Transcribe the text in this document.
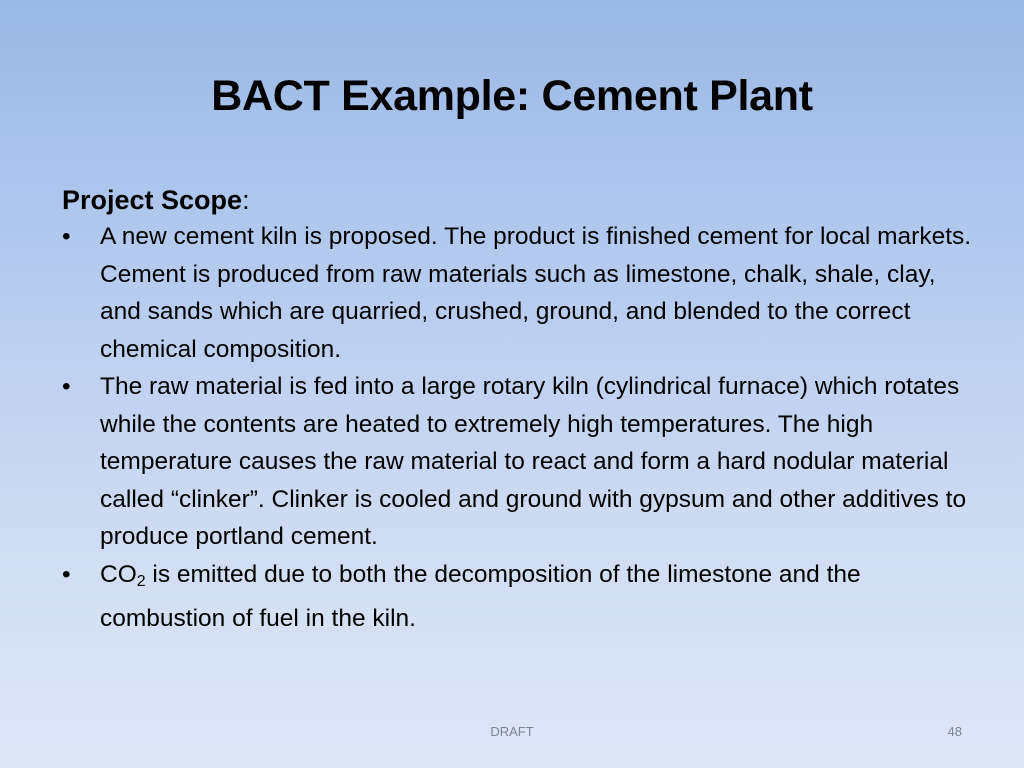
BACT Example: Cement Plant
Project Scope:
•	A new cement kiln is proposed. The product is finished cement for local markets. Cement is produced from raw materials such as limestone, chalk, shale, clay, and sands which are quarried, crushed, ground, and blended to the correct chemical composition.
•	The raw material is fed into a large rotary kiln (cylindrical furnace) which rotates while the contents are heated to extremely high temperatures. The high temperature causes the raw material to react and form a hard nodular material called “clinker”. Clinker is cooled and ground with gypsum and other additives to produce portland cement.
•	$CO_2$ is emitted due to both the decomposition of the limestone and the combustion of fuel in the kiln.
DRAFT	48
